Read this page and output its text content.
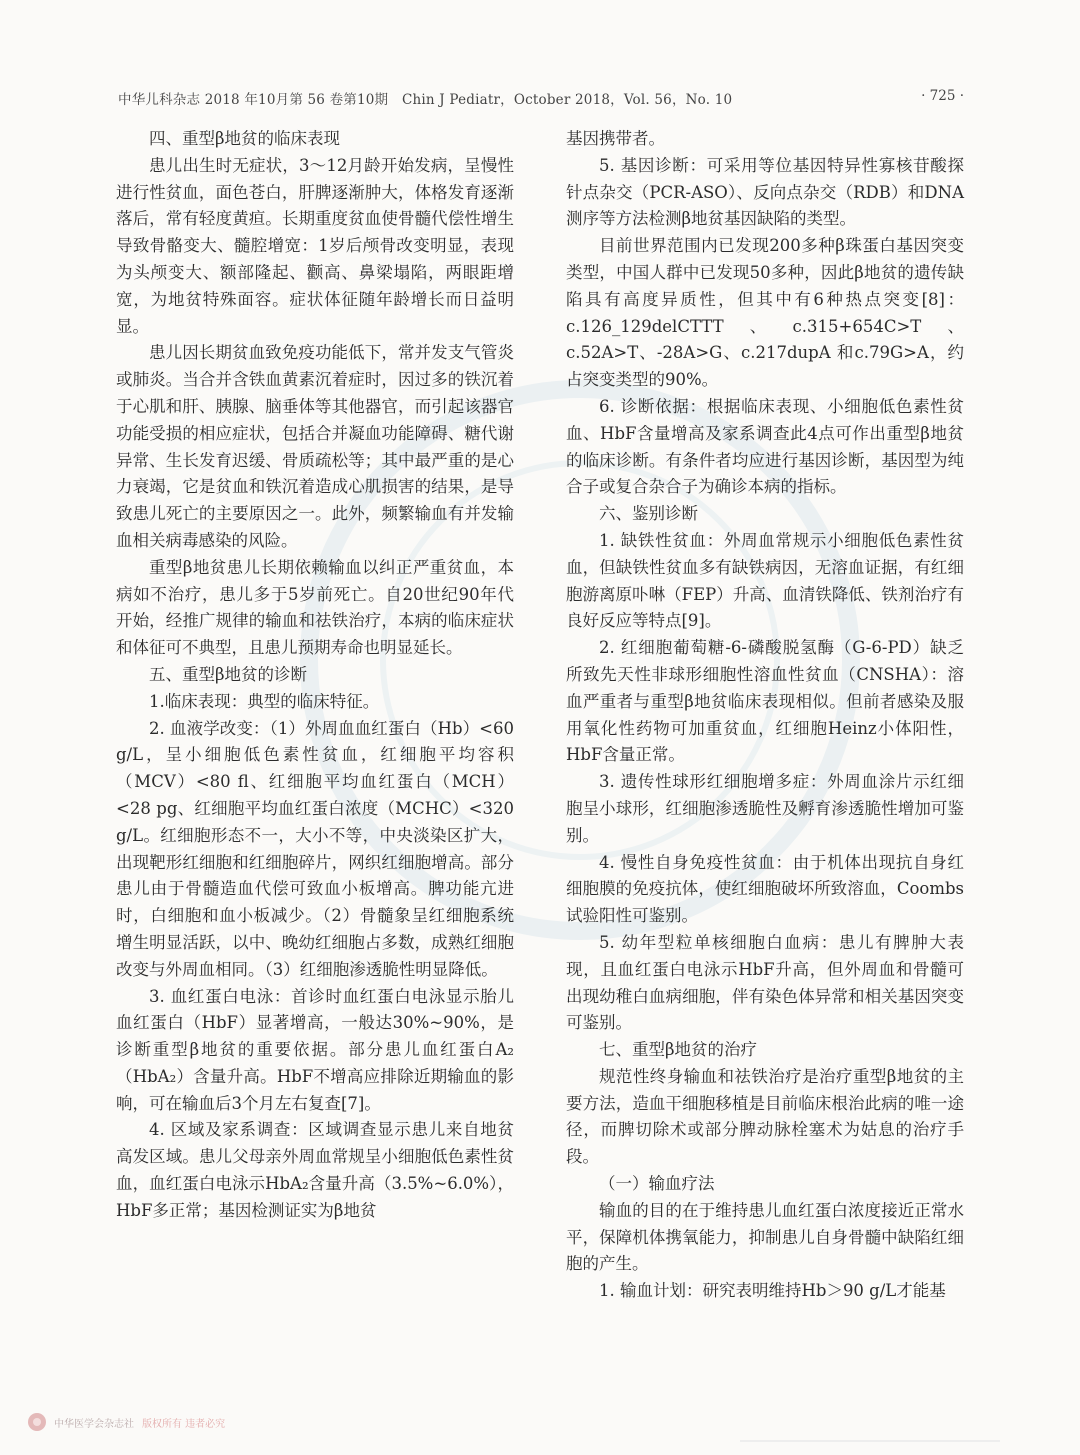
中华儿科杂志 2018 年10月第 56 卷第10期　Chin J Pediatr，October 2018，Vol. 56，No. 10	· 725 ·

四、重型β地贫的临床表现

患儿出生时无症状，3～12月龄开始发病，呈慢性进行性贫血，面色苍白，肝脾逐渐肿大，体格发育逐渐落后，常有轻度黄疸。长期重度贫血使骨髓代偿性增生导致骨骼变大、髓腔增宽：1岁后颅骨改变明显，表现为头颅变大、额部隆起、颧高、鼻梁塌陷，两眼距增宽，为地贫特殊面容。症状体征随年龄增长而日益明显。

患儿因长期贫血致免疫功能低下，常并发支气管炎或肺炎。当合并含铁血黄素沉着症时，因过多的铁沉着于心肌和肝、胰腺、脑垂体等其他器官，而引起该器官功能受损的相应症状，包括合并凝血功能障碍、糖代谢异常、生长发育迟缓、骨质疏松等；其中最严重的是心力衰竭，它是贫血和铁沉着造成心肌损害的结果，是导致患儿死亡的主要原因之一。此外，频繁输血有并发输血相关病毒感染的风险。

重型β地贫患儿长期依赖输血以纠正严重贫血，本病如不治疗，患儿多于5岁前死亡。自20世纪90年代开始，经推广规律的输血和祛铁治疗，本病的临床症状和体征可不典型，且患儿预期寿命也明显延长。

五、重型β地贫的诊断

1.临床表现：典型的临床特征。

2. 血液学改变：（1）外周血血红蛋白（Hb）<60 g/L，呈小细胞低色素性贫血，红细胞平均容积（MCV）<80 fl、红细胞平均血红蛋白（MCH）<28 pg、红细胞平均血红蛋白浓度（MCHC）<320 g/L。红细胞形态不一，大小不等，中央淡染区扩大，出现靶形红细胞和红细胞碎片，网织红细胞增高。部分患儿由于骨髓造血代偿可致血小板增高。脾功能亢进时，白细胞和血小板减少。（2）骨髓象呈红细胞系统增生明显活跃，以中、晚幼红细胞占多数，成熟红细胞改变与外周血相同。（3）红细胞渗透脆性明显降低。

3. 血红蛋白电泳：首诊时血红蛋白电泳显示胎儿血红蛋白（HbF）显著增高，一般达30%~90%，是诊断重型β地贫的重要依据。部分患儿血红蛋白A₂（HbA₂）含量升高。HbF不增高应排除近期输血的影响，可在输血后3个月左右复查[7]。

4. 区域及家系调查：区域调查显示患儿来自地贫高发区域。患儿父母亲外周血常规呈小细胞低色素性贫血，血红蛋白电泳示HbA₂含量升高（3.5%~6.0%），HbF多正常；基因检测证实为β地贫

基因携带者。

5. 基因诊断：可采用等位基因特异性寡核苷酸探针点杂交（PCR-ASO）、反向点杂交（RDB）和DNA测序等方法检测β地贫基因缺陷的类型。

目前世界范围内已发现200多种β珠蛋白基因突变类型，中国人群中已发现50多种，因此β地贫的遗传缺陷具有高度异质性，但其中有6种热点突变[8]：c.126_129delCTTT、c.315+654C>T、c.52A>T、-28A>G、c.217dupA 和c.79G>A，约占突变类型的90%。

6. 诊断依据：根据临床表现、小细胞低色素性贫血、HbF含量增高及家系调查此4点可作出重型β地贫的临床诊断。有条件者均应进行基因诊断，基因型为纯合子或复合杂合子为确诊本病的指标。

六、鉴别诊断

1. 缺铁性贫血：外周血常规示小细胞低色素性贫血，但缺铁性贫血多有缺铁病因，无溶血证据，有红细胞游离原卟啉（FEP）升高、血清铁降低、铁剂治疗有良好反应等特点[9]。

2. 红细胞葡萄糖-6-磷酸脱氢酶（G-6-PD）缺乏所致先天性非球形细胞性溶血性贫血（CNSHA）：溶血严重者与重型β地贫临床表现相似。但前者感染及服用氧化性药物可加重贫血，红细胞Heinz小体阳性，HbF含量正常。

3. 遗传性球形红细胞增多症：外周血涂片示红细胞呈小球形，红细胞渗透脆性及孵育渗透脆性增加可鉴别。

4. 慢性自身免疫性贫血：由于机体出现抗自身红细胞膜的免疫抗体，使红细胞破坏所致溶血，Coombs 试验阳性可鉴别。

5. 幼年型粒单核细胞白血病：患儿有脾肿大表现，且血红蛋白电泳示HbF升高，但外周血和骨髓可出现幼稚白血病细胞，伴有染色体异常和相关基因突变可鉴别。

七、重型β地贫的治疗

规范性终身输血和祛铁治疗是治疗重型β地贫的主要方法，造血干细胞移植是目前临床根治此病的唯一途径，而脾切除术或部分脾动脉栓塞术为姑息的治疗手段。

（一）输血疗法

输血的目的在于维持患儿血红蛋白浓度接近正常水平，保障机体携氧能力，抑制患儿自身骨髓中缺陷红细胞的产生。

1. 输血计划：研究表明维持Hb＞90 g/L才能基

中华医学会杂志社 版权所有 违者必究
